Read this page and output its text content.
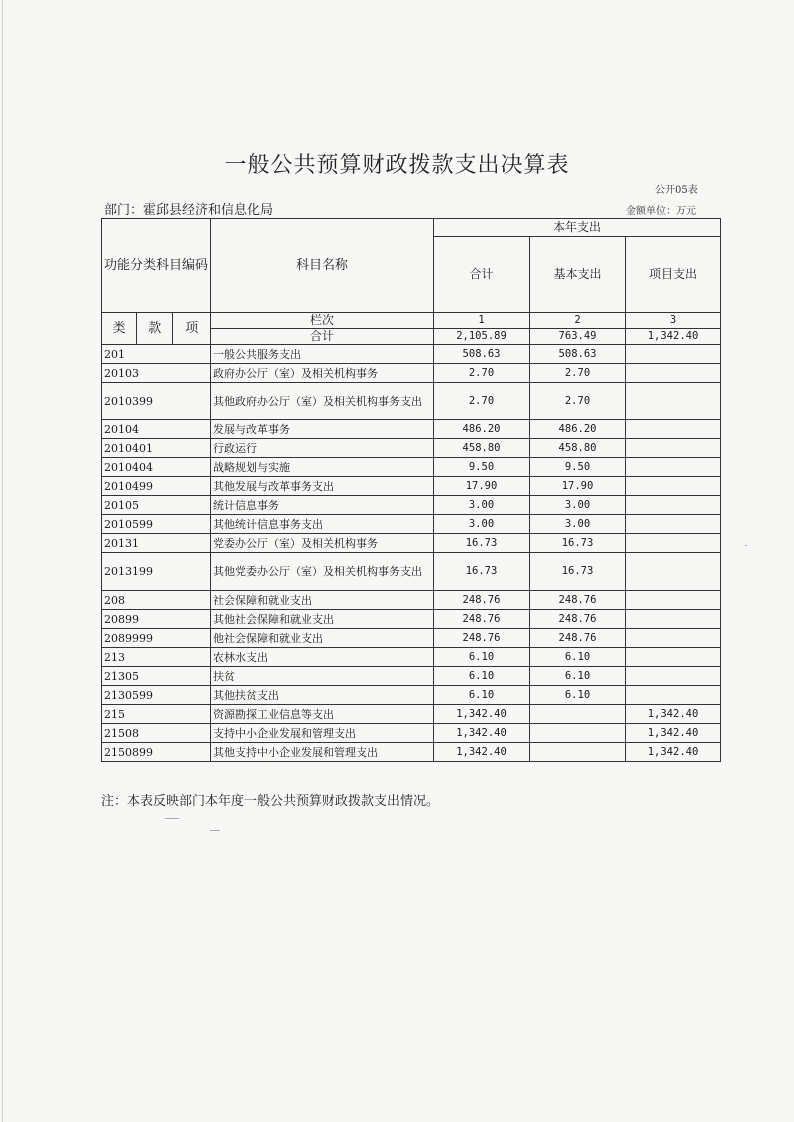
一般公共预算财政拨款支出决算表
公开05表
部门：霍邱县经济和信息化局	金额单位：万元
功能分类科目编码			科目名称	本年支出		
				合计	基本支出	项目支出

类	款	项	栏次	1	2	3
			合计	2,105.89	763.49	1,342.40
201			一般公共服务支出	508.63	508.63	
20103			政府办公厅（室）及相关机构事务	2.70	2.70	
2010399			其他政府办公厅（室）及相关机构事务支出	2.70	2.70	
20104			发展与改革事务	486.20	486.20	
2010401			行政运行	458.80	458.80	
2010404			战略规划与实施	9.50	9.50	
2010499			其他发展与改革事务支出	17.90	17.90	
20105			统计信息事务	3.00	3.00	
2010599			其他统计信息事务支出	3.00	3.00	
20131			党委办公厅（室）及相关机构事务	16.73	16.73	
2013199			其他党委办公厅（室）及相关机构事务支出	16.73	16.73	
208			社会保障和就业支出	248.76	248.76	
20899			其他社会保障和就业支出	248.76	248.76	
2089999			他社会保障和就业支出	248.76	248.76	
213			农林水支出	6.10	6.10	
21305			扶贫	6.10	6.10	
2130599			其他扶贫支出	6.10	6.10	
215			资源勘探工业信息等支出	1,342.40		1,342.40
21508			支持中小企业发展和管理支出	1,342.40		1,342.40
2150899			其他支持中小企业发展和管理支出	1,342.40		1,342.40
注：本表反映部门本年度一般公共预算财政拨款支出情况。
